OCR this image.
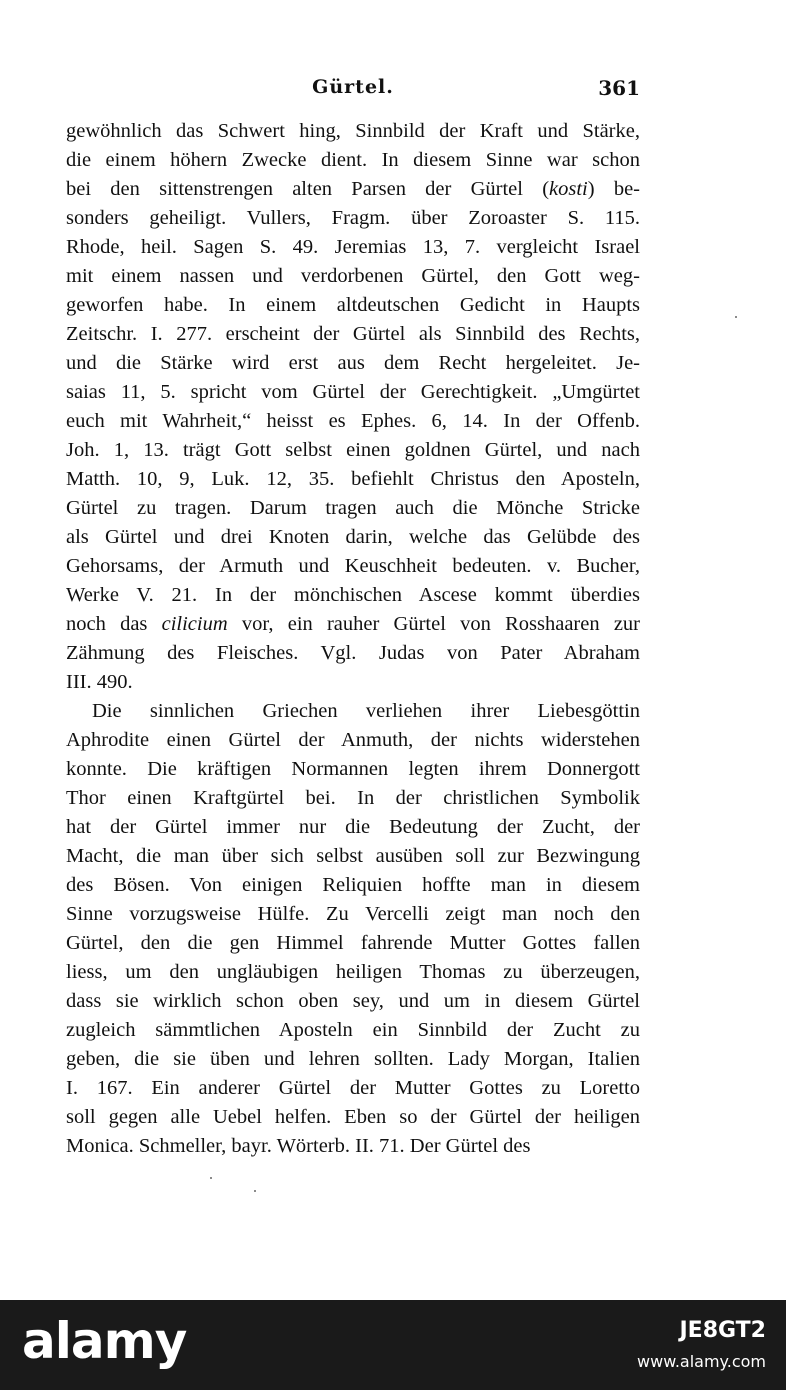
Gürtel.	361
gewöhnlich das Schwert hing, Sinnbild der Kraft und Stärke,
die einem höhern Zwecke dient. In diesem Sinne war schon
bei den sittenstrengen alten Parsen der Gürtel (kosti) be-
sonders geheiligt. Vullers, Fragm. über Zoroaster S. 115.
Rhode, heil. Sagen S. 49. Jeremias 13, 7. vergleicht Israel
mit einem nassen und verdorbenen Gürtel, den Gott weg-
geworfen habe. In einem altdeutschen Gedicht in Haupts
Zeitschr. I. 277. erscheint der Gürtel als Sinnbild des Rechts,
und die Stärke wird erst aus dem Recht hergeleitet. Je-
saias 11, 5. spricht vom Gürtel der Gerechtigkeit. „Umgürtet
euch mit Wahrheit,“ heisst es Ephes. 6, 14. In der Offenb.
Joh. 1, 13. trägt Gott selbst einen goldnen Gürtel, und nach
Matth. 10, 9, Luk. 12, 35. befiehlt Christus den Aposteln,
Gürtel zu tragen. Darum tragen auch die Mönche Stricke
als Gürtel und drei Knoten darin, welche das Gelübde des
Gehorsams, der Armuth und Keuschheit bedeuten. v. Bucher,
Werke V. 21. In der mönchischen Ascese kommt überdies
noch das cilicium vor, ein rauher Gürtel von Rosshaaren zur
Zähmung des Fleisches. Vgl. Judas von Pater Abraham
III. 490.
Die sinnlichen Griechen verliehen ihrer Liebesgöttin
Aphrodite einen Gürtel der Anmuth, der nichts widerstehen
konnte. Die kräftigen Normannen legten ihrem Donnergott
Thor einen Kraftgürtel bei. In der christlichen Symbolik
hat der Gürtel immer nur die Bedeutung der Zucht, der
Macht, die man über sich selbst ausüben soll zur Bezwingung
des Bösen. Von einigen Reliquien hoffte man in diesem
Sinne vorzugsweise Hülfe. Zu Vercelli zeigt man noch den
Gürtel, den die gen Himmel fahrende Mutter Gottes fallen
liess, um den ungläubigen heiligen Thomas zu überzeugen,
dass sie wirklich schon oben sey, und um in diesem Gürtel
zugleich sämmtlichen Aposteln ein Sinnbild der Zucht zu
geben, die sie üben und lehren sollten. Lady Morgan, Italien
I. 167. Ein anderer Gürtel der Mutter Gottes zu Loretto
soll gegen alle Uebel helfen. Eben so der Gürtel der heiligen
Monica. Schmeller, bayr. Wörterb. II. 71. Der Gürtel des
alamy	JE8GT2
www.alamy.com
